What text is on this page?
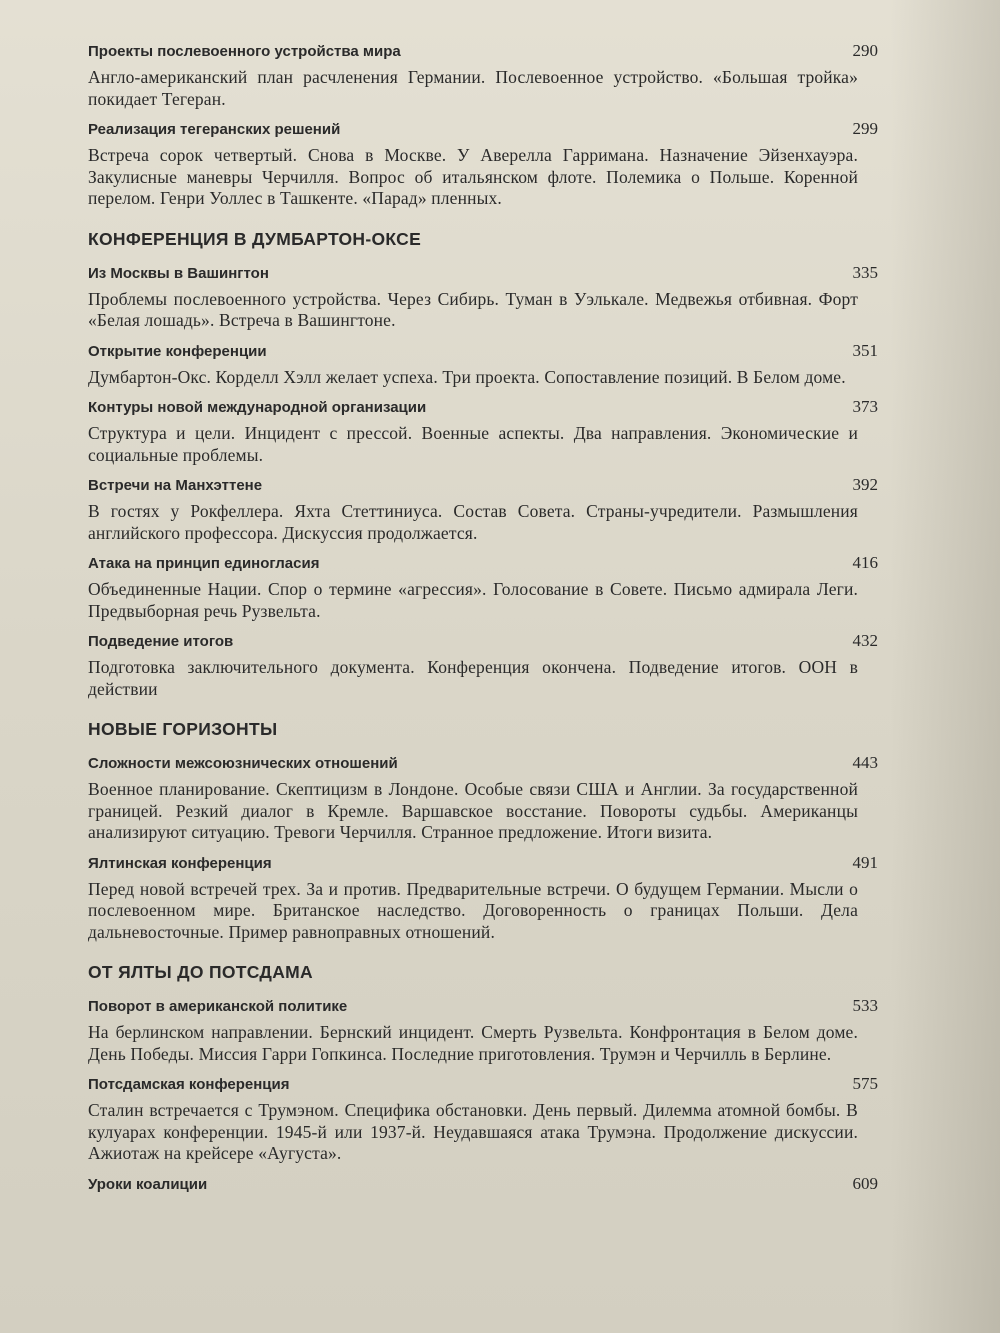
Проекты послевоенного устройства мира	290
Англо-американский план расчленения Германии. Послевоенное устройство. «Большая тройка» покидает Тегеран.
Реализация тегеранских решений	299
Встреча сорок четвертый. Снова в Москве. У Аверелла Гарримана. Назначение Эйзенхауэра. Закулисные маневры Черчилля. Вопрос об итальянском флоте. Полемика о Польше. Коренной перелом. Генри Уоллес в Ташкенте. «Парад» пленных.
КОНФЕРЕНЦИЯ В ДУМБАРТОН-ОКСЕ
Из Москвы в Вашингтон	335
Проблемы послевоенного устройства. Через Сибирь. Туман в Уэлькале. Медвежья отбивная. Форт «Белая лошадь». Встреча в Вашингтоне.
Открытие конференции	351
Думбартон-Окс. Корделл Хэлл желает успеха. Три проекта. Сопоставление позиций. В Белом доме.
Контуры новой международной организации	373
Структура и цели. Инцидент с прессой. Военные аспекты. Два направления. Экономические и социальные проблемы.
Встречи на Манхэттене	392
В гостях у Рокфеллера. Яхта Стеттиниуса. Состав Совета. Страны-учредители. Размышления английского профессора. Дискуссия продолжается.
Атака на принцип единогласия	416
Объединенные Нации. Спор о термине «агрессия». Голосование в Совете. Письмо адмирала Леги. Предвыборная речь Рузвельта.
Подведение итогов	432
Подготовка заключительного документа. Конференция окончена. Подведение итогов. ООН в действии
НОВЫЕ ГОРИЗОНТЫ
Сложности межсоюзнических отношений	443
Военное планирование. Скептицизм в Лондоне. Особые связи США и Англии. За государственной границей. Резкий диалог в Кремле. Варшавское восстание. Повороты судьбы. Американцы анализируют ситуацию. Тревоги Черчилля. Странное предложение. Итоги визита.
Ялтинская конференция	491
Перед новой встречей трех. За и против. Предварительные встречи. О будущем Германии. Мысли о послевоенном мире. Британское наследство. Договоренность о границах Польши. Дела дальневосточные. Пример равноправных отношений.
ОТ ЯЛТЫ ДО ПОТСДАМА
Поворот в американской политике	533
На берлинском направлении. Бернский инцидент. Смерть Рузвельта. Конфронтация в Белом доме. День Победы. Миссия Гарри Гопкинса. Последние приготовления. Трумэн и Черчилль в Берлине.
Потсдамская конференция	575
Сталин встречается с Трумэном. Специфика обстановки. День первый. Дилемма атомной бомбы. В кулуарах конференции. 1945-й или 1937-й. Неудавшаяся атака Трумэна. Продолжение дискуссии. Ажиотаж на крейсере «Аугуста».
Уроки коалиции	609
